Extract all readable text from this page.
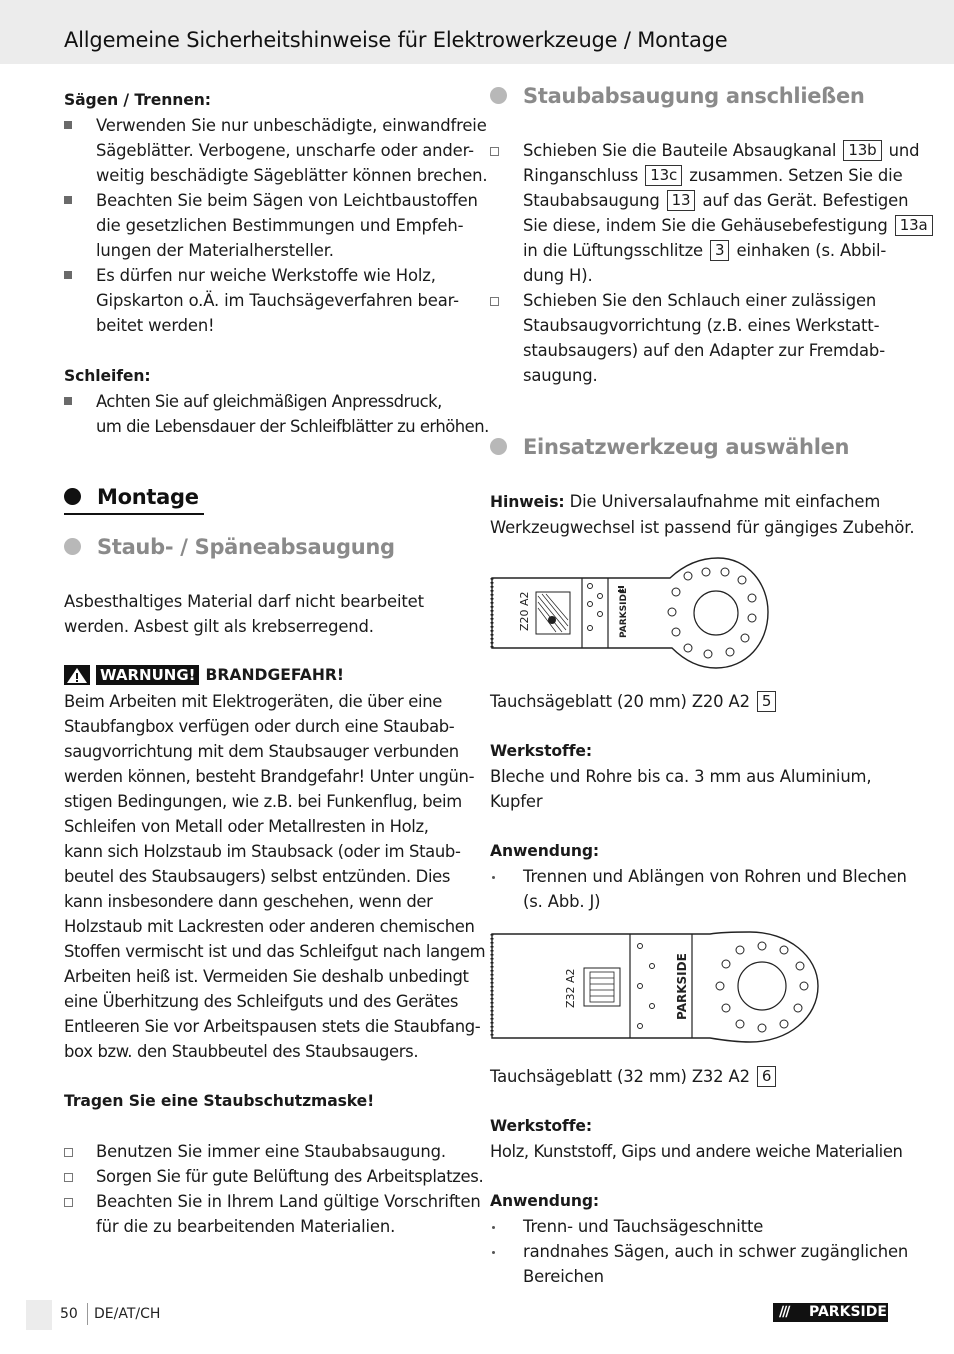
Allgemeine Sicherheitshinweise für Elektrowerkzeuge / Montage
Sägen / Trennen:
Verwenden Sie nur unbeschädigte, einwandfreie
Sägeblätter. Verbogene, unscharfe oder ander-
weitig beschädigte Sägeblätter können brechen.
Beachten Sie beim Sägen von Leichtbaustoffen
die gesetzlichen Bestimmungen und Empfeh-
lungen der Materialhersteller.
Es dürfen nur weiche Werkstoffe wie Holz,
Gipskarton o.Ä. im Tauchsägeverfahren bear-
beitet werden!
Schleifen:
Achten Sie auf gleichmäßigen Anpressdruck,
um die Lebensdauer der Schleifblätter zu erhöhen.
Montage
Staub- / Späneabsaugung
Asbesthaltiges Material darf nicht bearbeitet
werden. Asbest gilt als krebserregend.
WARNUNG! BRANDGEFAHR!
Beim Arbeiten mit Elektrogeräten, die über eine
Staubfangbox verfügen oder durch eine Staubab-
saugvorrichtung mit dem Staubsauger verbunden
werden können, besteht Brandgefahr! Unter ungün-
stigen Bedingungen, wie z.B. bei Funkenflug, beim
Schleifen von Metall oder Metallresten in Holz,
kann sich Holzstaub im Staubsack (oder im Staub-
beutel des Staubsaugers) selbst entzünden. Dies
kann insbesondere dann geschehen, wenn der
Holzstaub mit Lackresten oder anderen chemischen
Stoffen vermischt ist und das Schleifgut nach langem
Arbeiten heiß ist. Vermeiden Sie deshalb unbedingt
eine Überhitzung des Schleifguts und des Gerätes
Entleeren Sie vor Arbeitspausen stets die Staubfang-
box bzw. den Staubbeutel des Staubsaugers.
Tragen Sie eine Staubschutzmaske!
Benutzen Sie immer eine Staubabsaugung.
Sorgen Sie für gute Belüftung des Arbeitsplatzes.
Beachten Sie in Ihrem Land gültige Vorschriften
für die zu bearbeitenden Materialien.
Staubabsaugung anschließen
Schieben Sie die Bauteile Absaugkanal 13b und
Ringanschluss 13c zusammen. Setzen Sie die
Staubabsaugung 13 auf das Gerät. Befestigen
Sie diese, indem Sie die Gehäusebefestigung 13a
in die Lüftungsschlitze 3 einhaken (s. Abbil-
dung H).
Schieben Sie den Schlauch einer zulässigen
Staubsaugvorrichtung (z.B. eines Werkstatt-
staubsaugers) auf den Adapter zur Fremdab-
saugung.
Einsatzwerkzeug auswählen
Hinweis: Die Universalaufnahme mit einfachem
Werkzeugwechsel ist passend für gängiges Zubehör.
PARKSIDE
Z20 A2
Tauchsägeblatt (20 mm) Z20 A2 5
Werkstoffe:
Bleche und Rohre bis ca. 3 mm aus Aluminium,
Kupfer
Anwendung:
Trennen und Ablängen von Rohren und Blechen
(s. Abb. J)
Z32 A2	PARKSIDE
Tauchsägeblatt (32 mm) Z32 A2 6
Werkstoffe:
Holz, Kunststoff, Gips und andere weiche Materialien
Anwendung:
Trenn- und Tauchsägeschnitte
randnahes Sägen, auch in schwer zugänglichen
Bereichen
50 DE/AT/CH	∕∕∕ PARKSIDE
